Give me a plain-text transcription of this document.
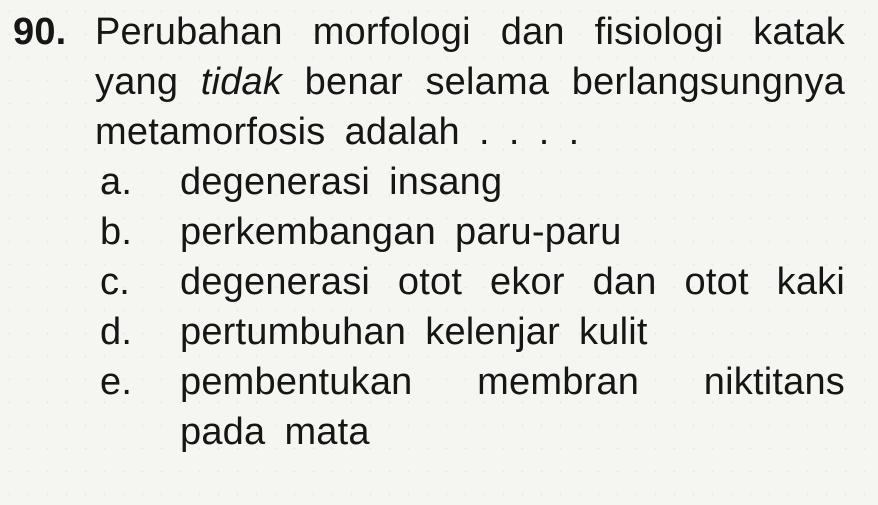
90. Perubahan morfologi dan fisiologi katak
yang tidak benar selama berlangsungnya
metamorfosis adalah . . . .
a.	degenerasi insang
b.	perkembangan paru-paru
c.	degenerasi otot ekor dan otot kaki
d.	pertumbuhan kelenjar kulit
e.	pembentukan membran niktitans
pada mata
